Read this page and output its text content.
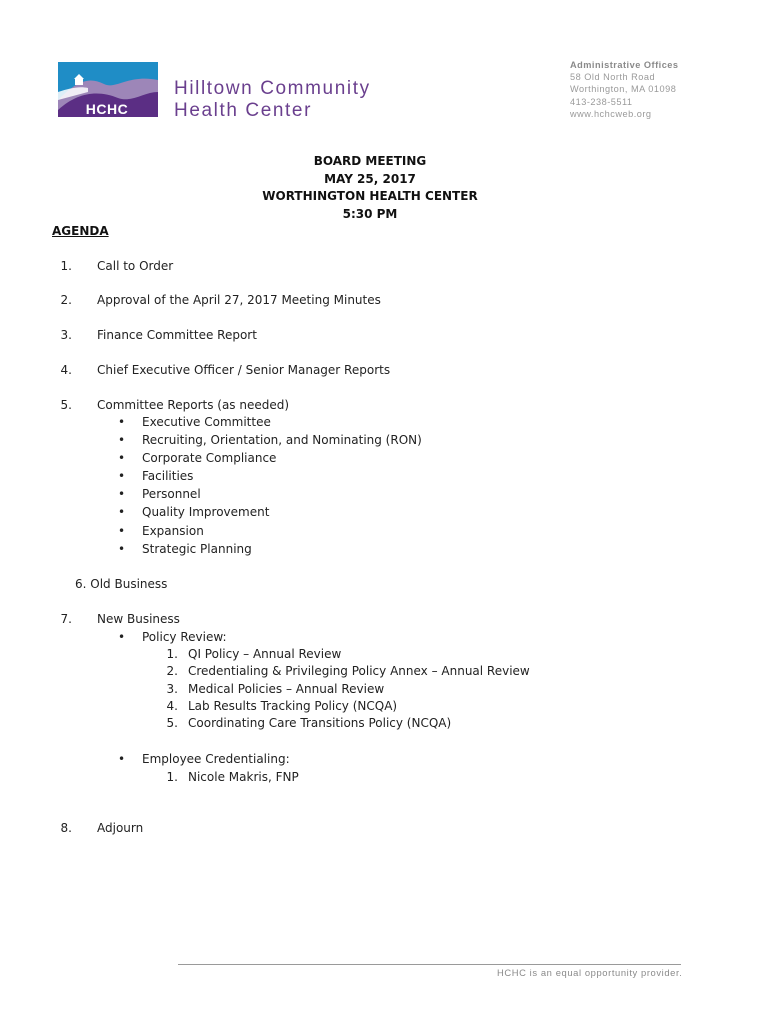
HCHC
Hilltown Community
Health Center
Administrative Offices
58 Old North Road
Worthington, MA 01098
413-238-5511
www.hchcweb.org
BOARD MEETING
MAY 25, 2017
WORTHINGTON HEALTH CENTER
5:30 PM
AGENDA
1. Call to Order
2. Approval of the April 27, 2017 Meeting Minutes
3. Finance Committee Report
4. Chief Executive Officer / Senior Manager Reports
5. Committee Reports (as needed)
• Executive Committee
• Recruiting, Orientation, and Nominating (RON)
• Corporate Compliance
• Facilities
• Personnel
• Quality Improvement
• Expansion
• Strategic Planning
6. Old Business
7. New Business
• Policy Review:
1. QI Policy – Annual Review
2. Credentialing & Privileging Policy Annex – Annual Review
3. Medical Policies – Annual Review
4. Lab Results Tracking Policy (NCQA)
5. Coordinating Care Transitions Policy (NCQA)
• Employee Credentialing:
1. Nicole Makris, FNP
8. Adjourn
HCHC is an equal opportunity provider.
